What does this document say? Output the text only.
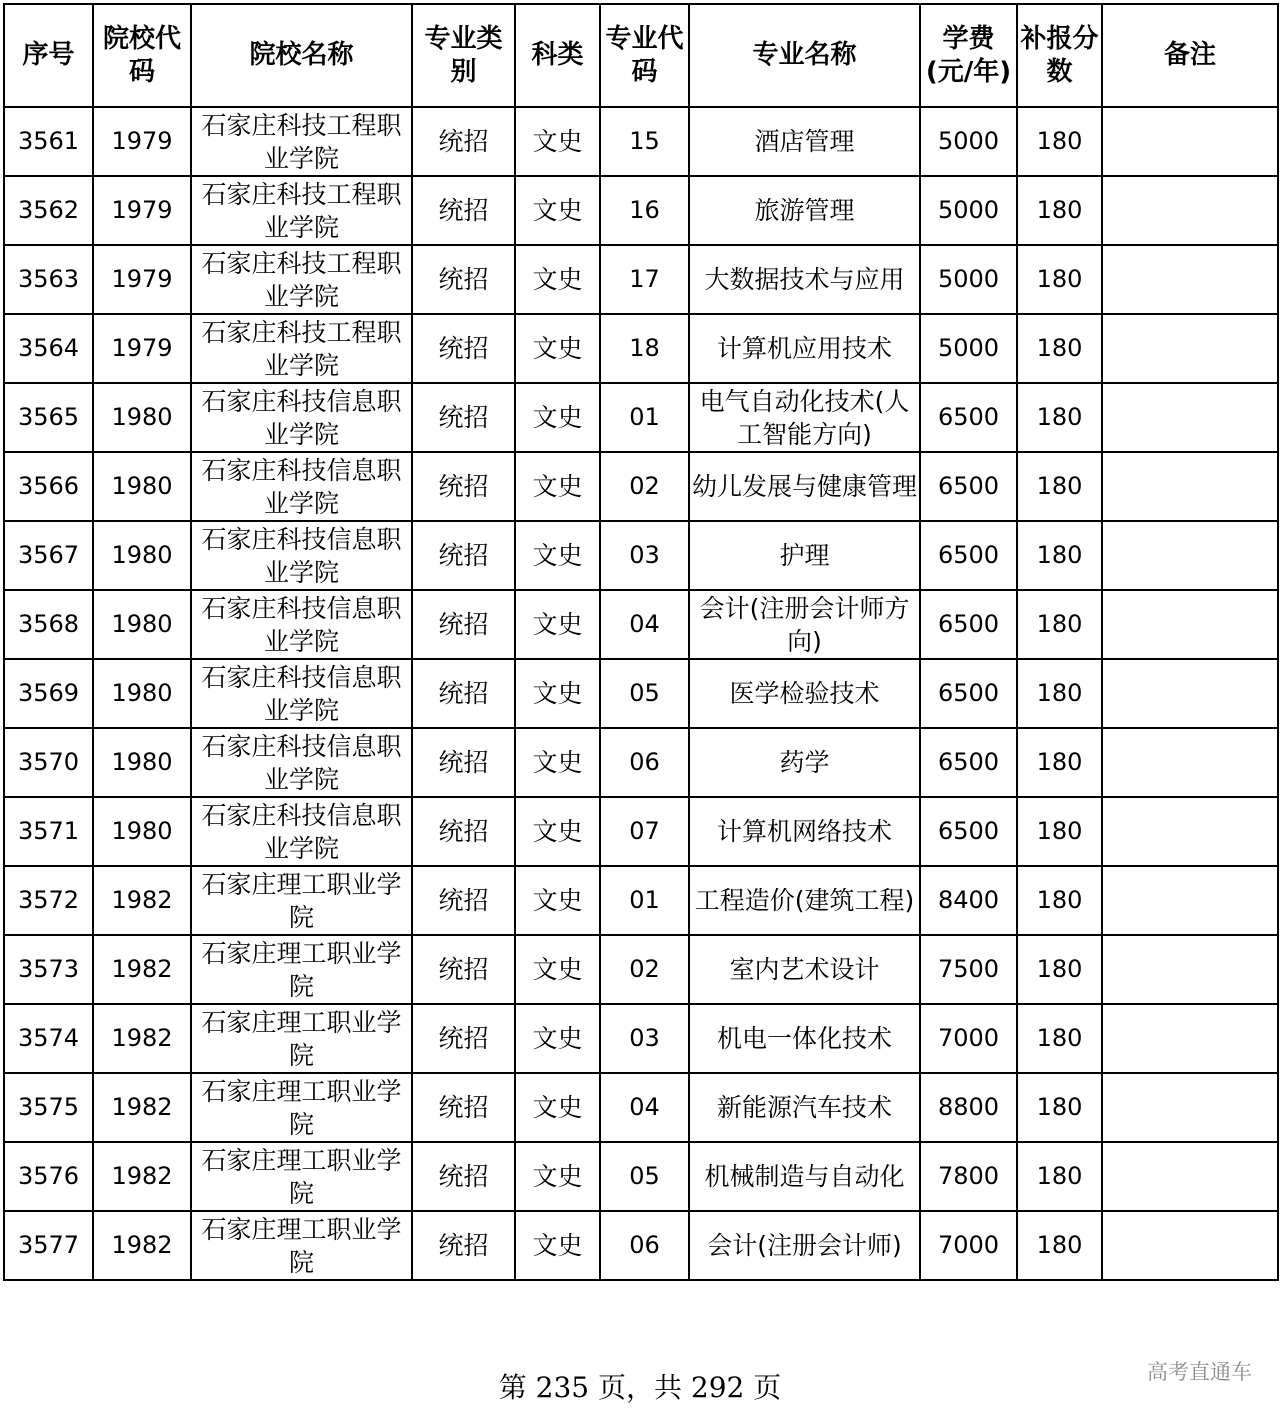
序号	院校代码	院校名称	专业类别	科类	专业代码	专业名称	学费(元/年)	补报分数	备注
3561	1979	石家庄科技工程职业学院	统招	文史	15	酒店管理	5000	180	
3562	1979	石家庄科技工程职业学院	统招	文史	16	旅游管理	5000	180	
3563	1979	石家庄科技工程职业学院	统招	文史	17	大数据技术与应用	5000	180	
3564	1979	石家庄科技工程职业学院	统招	文史	18	计算机应用技术	5000	180	
3565	1980	石家庄科技信息职业学院	统招	文史	01	电气自动化技术(人工智能方向)	6500	180	
3566	1980	石家庄科技信息职业学院	统招	文史	02	幼儿发展与健康管理	6500	180	
3567	1980	石家庄科技信息职业学院	统招	文史	03	护理	6500	180	
3568	1980	石家庄科技信息职业学院	统招	文史	04	会计(注册会计师方向)	6500	180	
3569	1980	石家庄科技信息职业学院	统招	文史	05	医学检验技术	6500	180	
3570	1980	石家庄科技信息职业学院	统招	文史	06	药学	6500	180	
3571	1980	石家庄科技信息职业学院	统招	文史	07	计算机网络技术	6500	180	
3572	1982	石家庄理工职业学院	统招	文史	01	工程造价(建筑工程)	8400	180	
3573	1982	石家庄理工职业学院	统招	文史	02	室内艺术设计	7500	180	
3574	1982	石家庄理工职业学院	统招	文史	03	机电一体化技术	7000	180	
3575	1982	石家庄理工职业学院	统招	文史	04	新能源汽车技术	8800	180	
3576	1982	石家庄理工职业学院	统招	文史	05	机械制造与自动化	7800	180	
3577	1982	石家庄理工职业学院	统招	文史	06	会计(注册会计师)	7000	180	
第 235 页，共 292 页	高考直通车
